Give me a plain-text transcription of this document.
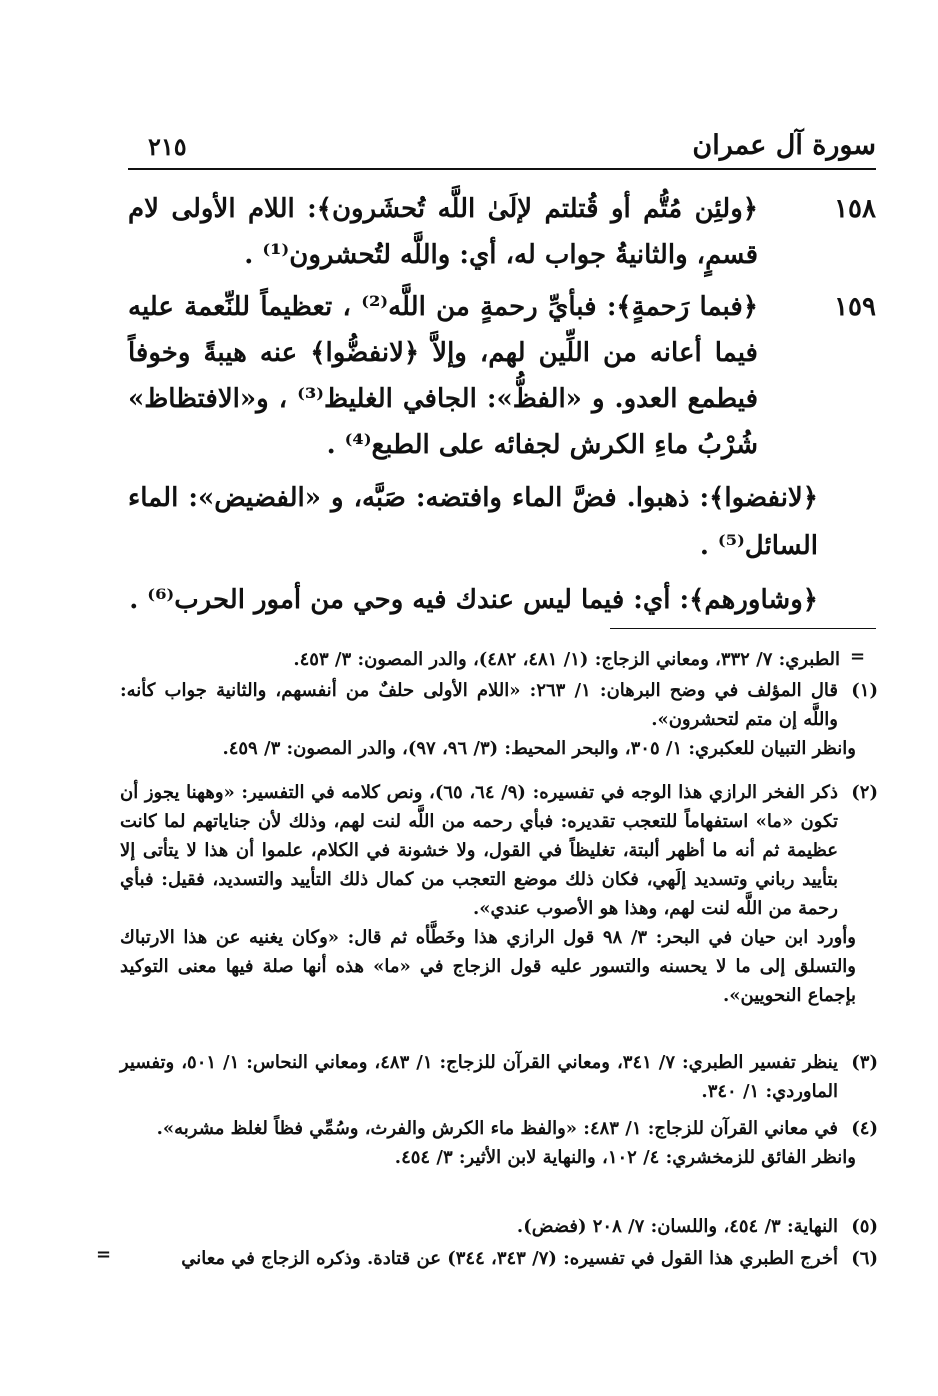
سورة آل عمران
٢١٥
١٥٨
﴿ولئِن مُتُّم أو قُتلتم لإلَىٰ اللَّه تُحشَرون﴾: اللام الأولى لام قسمٍ، والثانيةُ جواب له، أي: واللَّه لتُحشرون⁽¹⁾ .
١٥٩
﴿فبما رَحمةٍ﴾: فبأيِّ رحمةٍ من اللَّه⁽²⁾ ، تعظيماً للنِّعمة عليه فيما أعانه من اللِّين لهم، وإلاَّ ﴿لانفضُّوا﴾ عنه هيبةً وخوفاً فيطمع العدو. و «الفظُّ»: الجافي الغليظ⁽³⁾ ، و«الافتظاظ» شُرْبُ ماءِ الكرش لجفائه على الطبع⁽⁴⁾ .
﴿لانفضوا﴾: ذهبوا. فضَّ الماء وافتضه: صَبَّه، و «الفضيض»: الماء السائل⁽⁵⁾ .
﴿وشاورهم﴾: أي: فيما ليس عندك فيه وحي من أمور الحرب⁽⁶⁾ .
الطبري: ٧/ ٣٣٢، ومعاني الزجاج: (١/ ٤٨١، ٤٨٢)، والدر المصون: ٣/ ٤٥٣. =
(١)
قال المؤلف في وضح البرهان: ١/ ٢٦٣: «اللام الأولى حلفٌ من أنفسهم، والثانية جواب كأنه: واللَّه إن متم لتحشرون».
وانظر التبيان للعكبري: ١/ ٣٠٥، والبحر المحيط: (٣/ ٩٦، ٩٧)، والدر المصون: ٣/ ٤٥٩.
(٢)
ذكر الفخر الرازي هذا الوجه في تفسيره: (٩/ ٦٤، ٦٥)، ونص كلامه في التفسير: «وههنا يجوز أن تكون «ما» استفهاماً للتعجب تقديره: فبأي رحمه من اللَّه لنت لهم، وذلك لأن جناياتهم لما كانت عظيمة ثم أنه ما أظهر ألبتة، تغليظاً في القول، ولا خشونة في الكلام، علموا أن هذا لا يتأتى إلا بتأييد رباني وتسديد إلَهي، فكان ذلك موضع التعجب من كمال ذلك التأييد والتسديد، فقيل: فبأي رحمة من اللَّه لنت لهم، وهذا هو الأصوب عندي».
وأورد ابن حيان في البحر: ٣/ ٩٨ قول الرازي هذا وخَطَّأه ثم قال: «وكان يغنيه عن هذا الارتباك والتسلق إلى ما لا يحسنه والتسور عليه قول الزجاج في «ما» هذه أنها صلة فيها معنى التوكيد بإجماع النحويين».
(٣)
ينظر تفسير الطبري: ٧/ ٣٤١، ومعاني القرآن للزجاج: ١/ ٤٨٣، ومعاني النحاس: ١/ ٥٠١، وتفسير الماوردي: ١/ ٣٤٠.
(٤)
في معاني القرآن للزجاج: ١/ ٤٨٣: «والفظ ماء الكرش والفرث، وسُمِّي فظاً لغلظ مشربه».
وانظر الفائق للزمخشري: ٤/ ١٠٢، والنهاية لابن الأثير: ٣/ ٤٥٤.
(٥)
النهاية: ٣/ ٤٥٤، واللسان: ٧/ ٢٠٨ (فضض).
(٦)
أخرج الطبري هذا القول في تفسيره: (٧/ ٣٤٣، ٣٤٤) عن قتادة. وذكره الزجاج في معاني
=
